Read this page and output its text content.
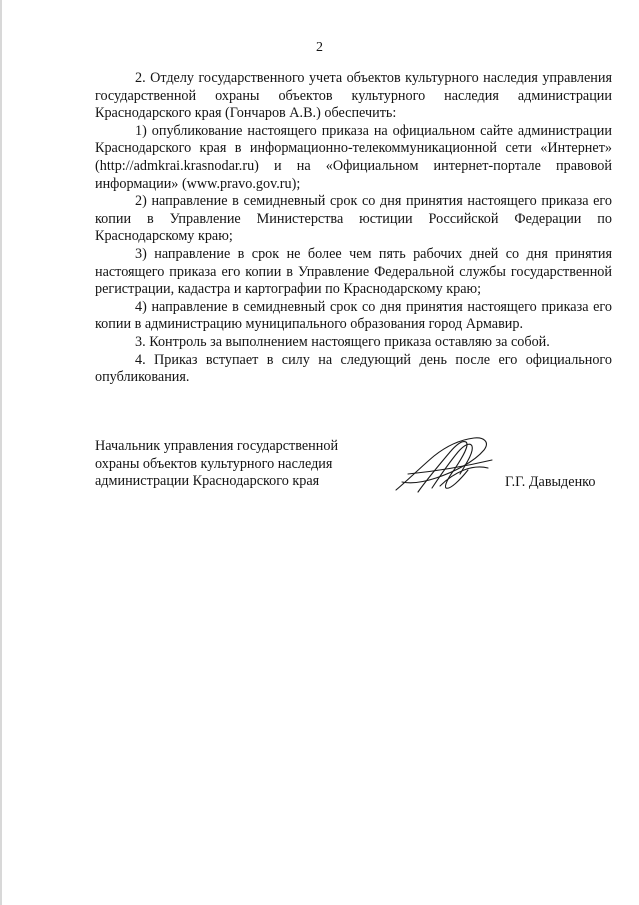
2

2. Отделу государственного учета объектов культурного наследия управления государственной охраны объектов культурного наследия администрации Краснодарского края (Гончаров А.В.) обеспечить:

1) опубликование настоящего приказа на официальном сайте администрации Краснодарского края в информационно-телекоммуникационной сети «Интернет» (http://admkrai.krasnodar.ru) и на «Официальном интернет-портале правовой информации» (www.pravo.gov.ru);

2) направление в семидневный срок со дня принятия настоящего приказа его копии в Управление Министерства юстиции Российской Федерации по Краснодарскому краю;

3) направление в срок не более чем пять рабочих дней со дня принятия настоящего приказа его копии в Управление Федеральной службы государственной регистрации, кадастра и картографии по Краснодарскому краю;

4) направление в семидневный срок со дня принятия настоящего приказа его копии в администрацию муниципального образования город Армавир.

3. Контроль за выполнением настоящего приказа оставляю за собой.

4. Приказ вступает в силу на следующий день после его официального опубликования.

Начальник управления государственной
охраны объектов культурного наследия
администрации Краснодарского края	Г.Г. Давыденко
